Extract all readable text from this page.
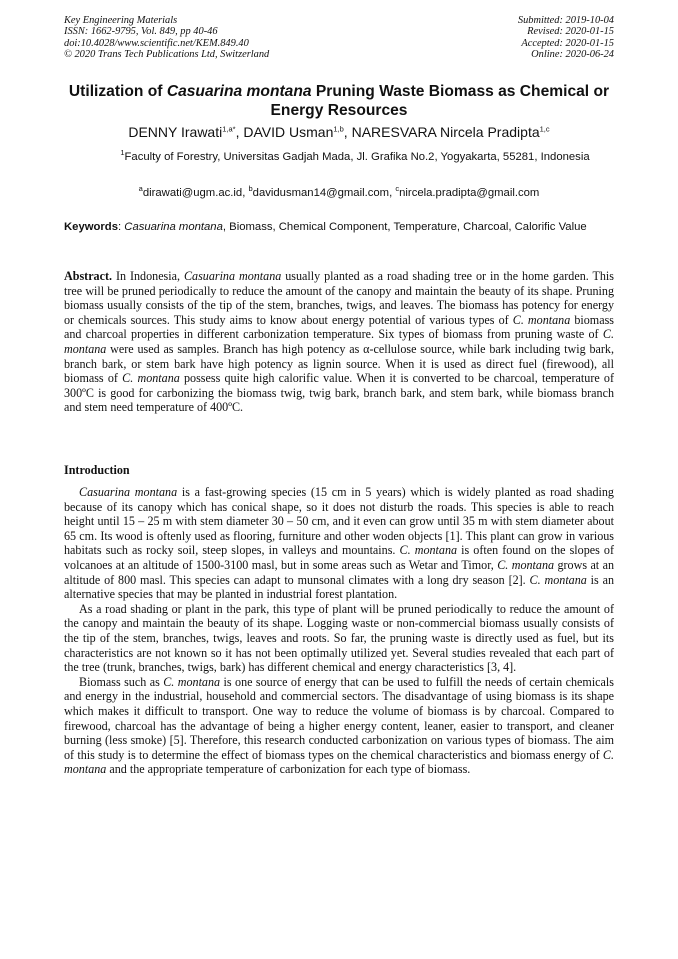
Key Engineering Materials
ISSN: 1662-9795, Vol. 849, pp 40-46
doi:10.4028/www.scientific.net/KEM.849.40
© 2020 Trans Tech Publications Ltd, Switzerland
Submitted: 2019-10-04
Revised: 2020-01-15
Accepted: 2020-01-15
Online: 2020-06-24
Utilization of Casuarina montana Pruning Waste Biomass as Chemical or Energy Resources
DENNY Irawati$^{1,a*}$, DAVID Usman$^{1,b}$, NARESVARA Nircela Pradipta$^{1,c}$
$^1$Faculty of Forestry, Universitas Gadjah Mada, Jl. Grafika No.2, Yogyakarta, 55281, Indonesia
$^a$dirawati@ugm.ac.id, $^b$davidusman14@gmail.com, $^c$nircela.pradipta@gmail.com
Keywords: Casuarina montana, Biomass, Chemical Component, Temperature, Charcoal, Calorific Value
Abstract. In Indonesia, Casuarina montana usually planted as a road shading tree or in the home garden. This tree will be pruned periodically to reduce the amount of the canopy and maintain the beauty of its shape. Pruning biomass usually consists of the tip of the stem, branches, twigs, and leaves. The biomass has potency for energy or chemicals sources. This study aims to know about energy potential of various types of C. montana biomass and charcoal properties in different carbonization temperature. Six types of biomass from pruning waste of C. montana were used as samples. Branch has high potency as α-cellulose source, while bark including twig bark, branch bark, or stem bark have high potency as lignin source. When it is used as direct fuel (firewood), all biomass of C. montana possess quite high calorific value. When it is converted to be charcoal, temperature of 300ºC is good for carbonizing the biomass twig, twig bark, branch bark, and stem bark, while biomass branch and stem need temperature of 400ºC.
Introduction

Casuarina montana is a fast-growing species (15 cm in 5 years) which is widely planted as road shading because of its canopy which has conical shape, so it does not disturb the roads. This species is able to reach height until 15 – 25 m with stem diameter 30 – 50 cm, and it even can grow until 35 m with stem diameter about 65 cm. Its wood is oftenly used as flooring, furniture and other woden objects [1]. This plant can grow in various habitats such as rocky soil, steep slopes, in valleys and mountains. C. montana is often found on the slopes of volcanoes at an altitude of 1500-3100 masl, but in some areas such as Wetar and Timor, C. montana grows at an altitude of 800 masl. This species can adapt to munsonal climates with a long dry season [2]. C. montana is an alternative species that may be planted in industrial forest plantation.

As a road shading or plant in the park, this type of plant will be pruned periodically to reduce the amount of the canopy and maintain the beauty of its shape. Logging waste or non-commercial biomass usually consists of the tip of the stem, branches, twigs, leaves and roots. So far, the pruning waste is directly used as fuel, but its characteristics are not known so it has not been optimally utilized yet. Several studies revealed that each part of the tree (trunk, branches, twigs, bark) has different chemical and energy characteristics [3, 4].

Biomass such as C. montana is one source of energy that can be used to fulfill the needs of certain chemicals and energy in the industrial, household and commercial sectors. The disadvantage of using biomass is its shape which makes it difficult to transport. One way to reduce the volume of biomass is by charcoal. Compared to firewood, charcoal has the advantage of being a higher energy content, leaner, easier to transport, and cleaner burning (less smoke) [5]. Therefore, this research conducted carbonization on various types of biomass. The aim of this study is to determine the effect of biomass types on the chemical characteristics and biomass energy of C. montana and the appropriate temperature of carbonization for each type of biomass.
